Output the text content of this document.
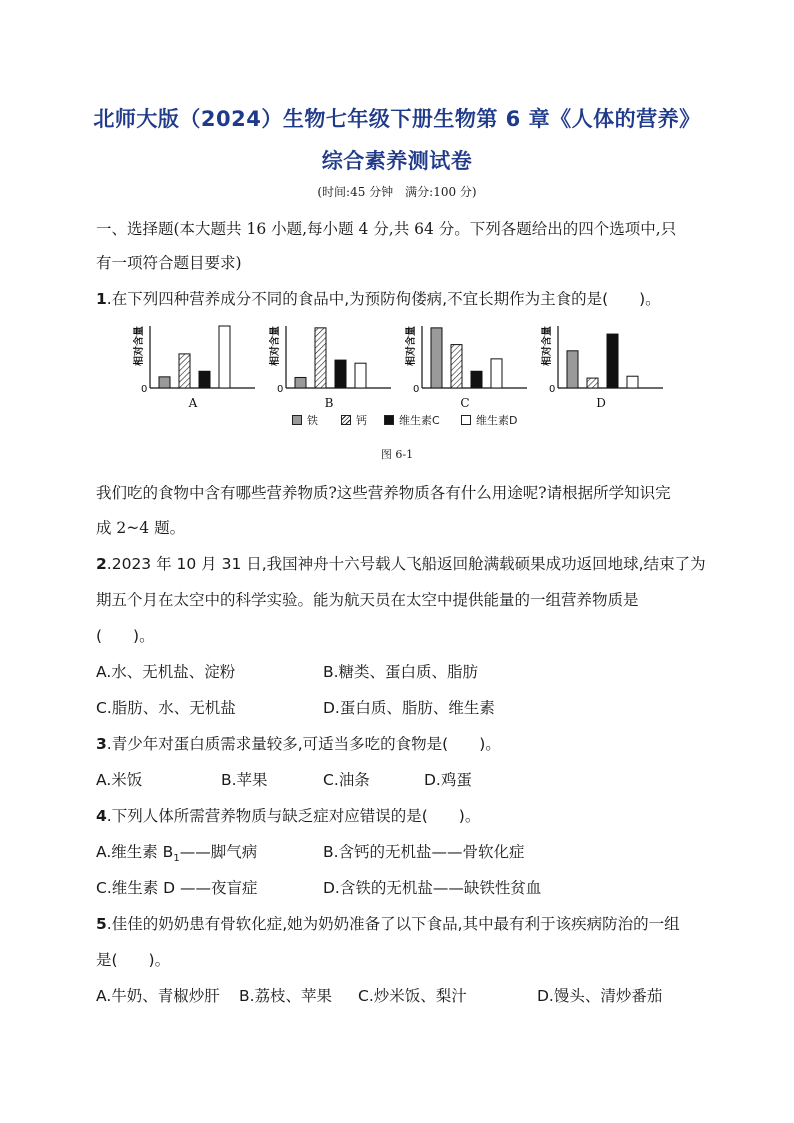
北师大版（2024）生物七年级下册生物第 6 章《人体的营养》
综合素养测试卷
(时间:45 分钟　满分:100 分)
一、选择题(本大题共 16 小题,每小题 4 分,共 64 分。下列各题给出的四个选项中,只
有一项符合题目要求)
1.在下列四种营养成分不同的食品中,为预防佝偻病,不宜长期作为主食的是(　　)。
相对含量
0
A
相对含量
0
B
相对含量
0
C
相对含量
0
D
铁	钙	维生素C	维生素D
图 6-1
我们吃的食物中含有哪些营养物质?这些营养物质各有什么用途呢?请根据所学知识完
成 2~4 题。
2.2023 年 10 月 31 日,我国神舟十六号载人飞船返回舱满载硕果成功返回地球,结束了为
期五个月在太空中的科学实验。能为航天员在太空中提供能量的一组营养物质是
(　　)。
A.水、无机盐、淀粉	B.糖类、蛋白质、脂肪
C.脂肪、水、无机盐	D.蛋白质、脂肪、维生素
3.青少年对蛋白质需求量较多,可适当多吃的食物是(　　)。
A.米饭	B.苹果	C.油条	D.鸡蛋
4.下列人体所需营养物质与缺乏症对应错误的是(　　)。
A.维生素 $B_1——$脚气病	B.含钙的无机盐——骨软化症
C.维生素 D ——夜盲症	D.含铁的无机盐——缺铁性贫血
5.佳佳的奶奶患有骨软化症,她为奶奶准备了以下食品,其中最有利于该疾病防治的一组
是(　　)。
A.牛奶、青椒炒肝 B.荔枝、苹果 C.炒米饭、梨汁	D.馒头、清炒番茄
